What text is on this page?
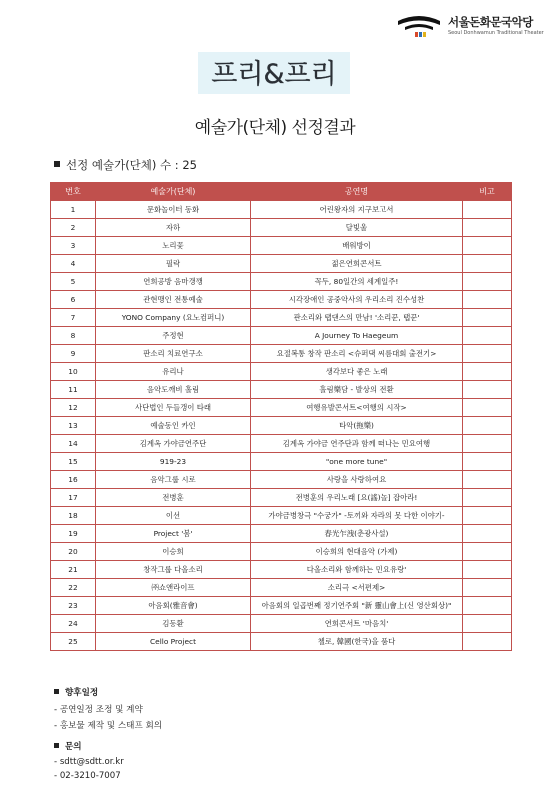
서울돈화문국악당
Seoul Donhwamun Traditional Theater
프리&프리
예술가(단체) 선정결과
선정 예술가(단체) 수 : 25
번호	예술가(단체)	공연명	비고
1	문화놀이터 동화	어린왕자의 지구보고서	
2	자하	달빛울	
3	노리꽃	배워방이	
4	필락	젊은연희콘서트	
5	연희공방 음마갱깽	꼭두, 80일간의 세계일주!	
6	관현맹인 전통예술	시각장애인 공중악사의 우리소리 진수성찬	
7	YONO Company (요노컴퍼니)	판소리와 탭댄스의 만남! '소리꾼, 탭꾼'	
8	주정현	A Journey To Haegeum	
9	판소리 치료연구소	요절복통 창작 판소리 <슈퍼댁 씨름대회 출전기>	
10	유리나	생각보다 좋은 노래	
11	음악도깨비 홀림	홀림樂담 - 발상의 전환	
12	사단법인 두들갱이 타래	여행유발콘서트<여행의 시작>	
13	예술동인 카인	타악(拖樂)	
14	김계옥 가야금연주단	김계옥 가야금 연주단과 함께 떠나는 민요여행	
15	919-23	"one more tune"	
16	음악그룹 시로	사랑을 사랑하여요	
17	전병훈	전병훈의 우리노래 [요(謠)놀] 잡아라!	
18	이선	가야금병창극 "수궁가" -토끼와 자라의 못 다한 이야기-	
19	Project '봄'	春光乍洩(춘광사설)	
20	이승희	이승희의 현대음악 (가제)	
21	창작그룹 다올소리	다올소리와 함께하는 민요유랑'	
22	㈜쇼앤라이프	소리극 <서편제>	
23	아음회(雅音會)	아음회의 일곱번째 정기연주회 "新 靈山會上(신 영산회상)"	
24	김동환	연희콘서트 '마음치'	
25	Cello Project	첼로, 韓國(한국)을 품다	
향후일정
- 공연일정 조정 및 계약
- 홍보물 제작 및 스태프 회의
문의
- sdtt@sdtt.or.kr
- 02-3210-7007
